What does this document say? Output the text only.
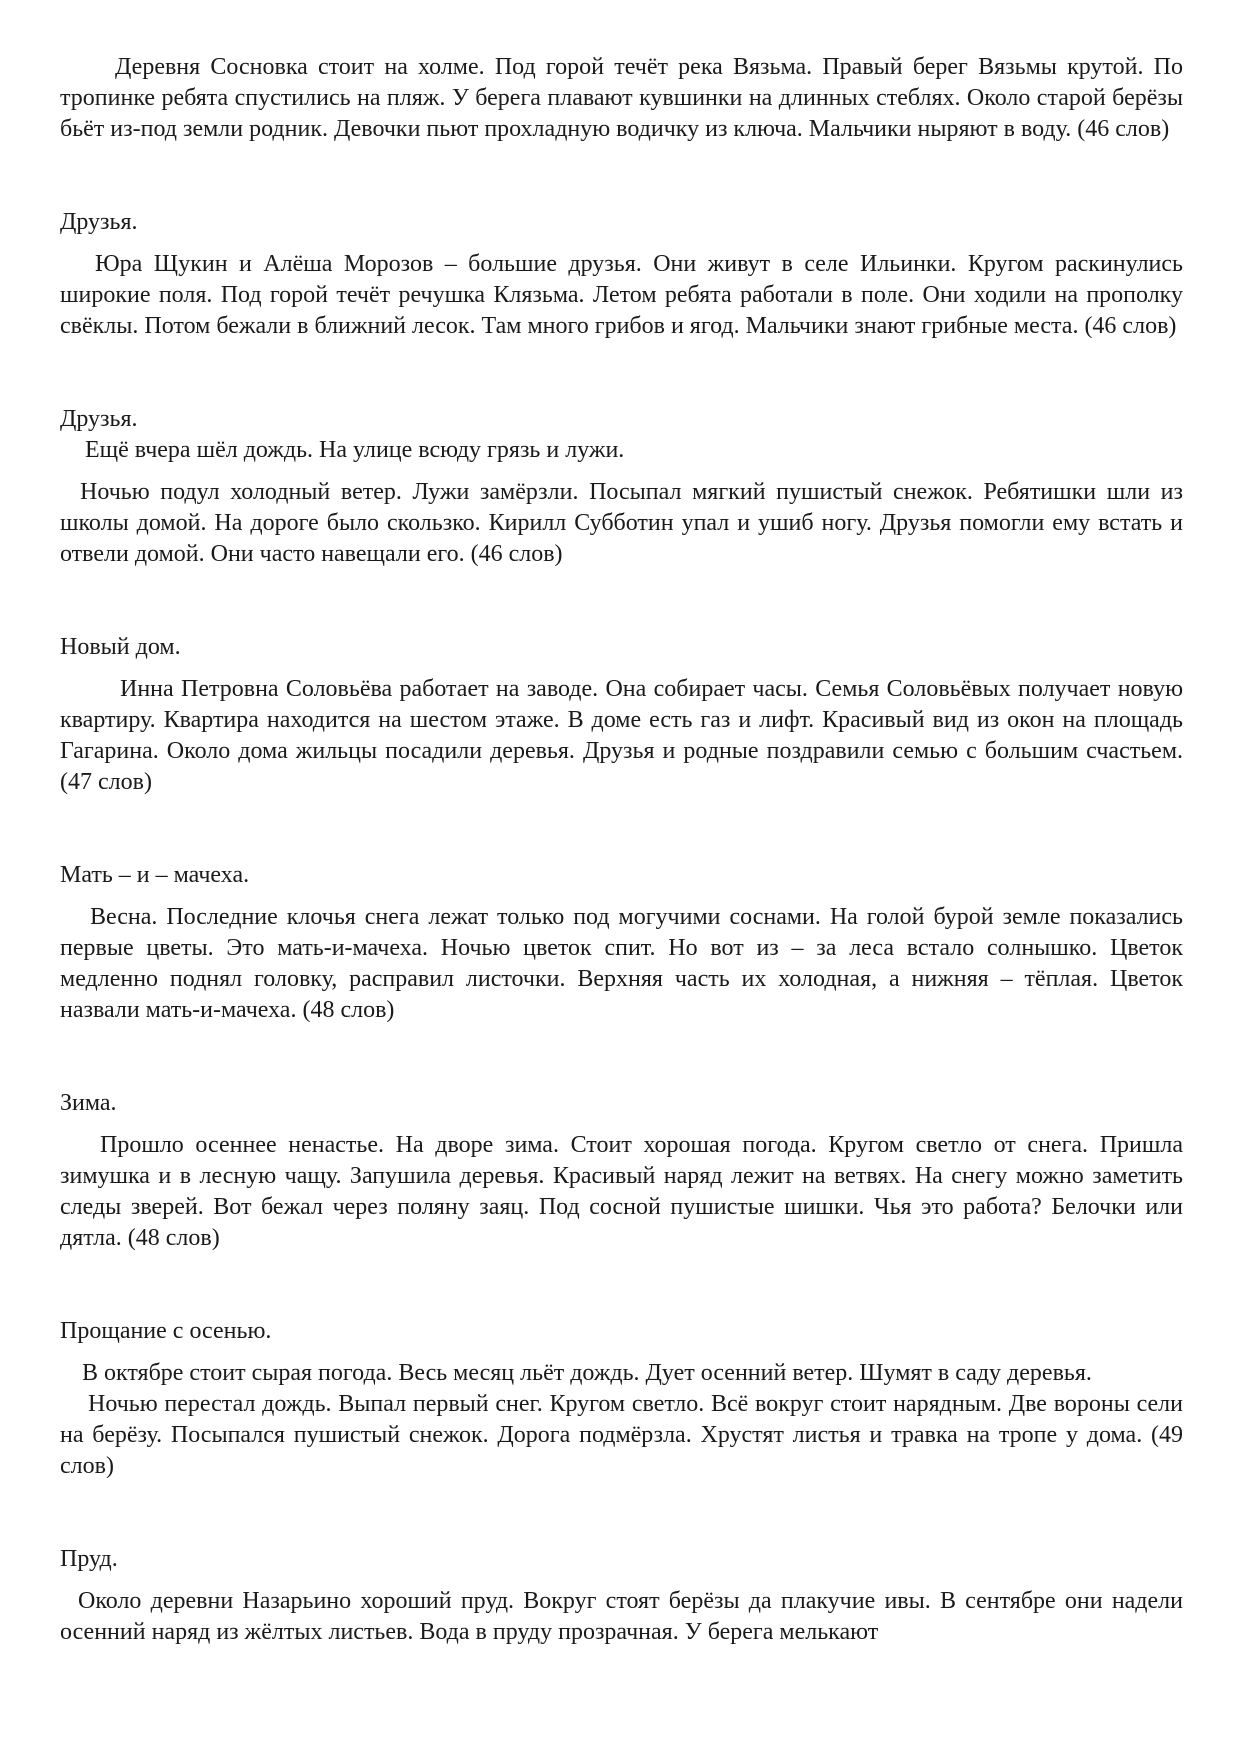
Деревня Сосновка стоит на холме. Под горой течёт река Вязьма. Правый берег Вязьмы крутой. По тропинке ребята спустились на пляж. У берега плавают кувшинки на длинных стеблях. Около старой берёзы бьёт из-под земли родник. Девочки пьют прохладную водичку из ключа. Мальчики ныряют в воду. (46 слов)

Друзья.

Юра Щукин и Алёша Морозов – большие друзья. Они живут в селе Ильинки. Кругом раскинулись широкие поля. Под горой течёт речушка Клязьма. Летом ребята работали в поле. Они ходили на прополку свёклы. Потом бежали в ближний лесок. Там много грибов и ягод. Мальчики знают грибные места. (46 слов)

Друзья.

Ещё вчера шёл дождь. На улице всюду грязь и лужи.

Ночью подул холодный ветер. Лужи замёрзли. Посыпал мягкий пушистый снежок. Ребятишки шли из школы домой. На дороге было скользко. Кирилл Субботин упал и ушиб ногу. Друзья помогли ему встать и отвели домой. Они часто навещали его. (46 слов)

Новый дом.

Инна Петровна Соловьёва работает на заводе. Она собирает часы. Семья Соловьёвых получает новую квартиру. Квартира находится на шестом этаже. В доме есть газ и лифт. Красивый вид из окон на площадь Гагарина. Около дома жильцы посадили деревья. Друзья и родные поздравили семью с большим счастьем. (47 слов)

Мать – и – мачеха.

Весна. Последние клочья снега лежат только под могучими соснами. На голой бурой земле показались первые цветы. Это мать-и-мачеха. Ночью цветок спит. Но вот из – за леса встало солнышко. Цветок медленно поднял головку, расправил листочки. Верхняя часть их холодная, а нижняя – тёплая. Цветок назвали мать-и-мачеха. (48 слов)

Зима.

Прошло осеннее ненастье. На дворе зима. Стоит хорошая погода. Кругом светло от снега. Пришла зимушка и в лесную чащу. Запушила деревья. Красивый наряд лежит на ветвях. На снегу можно заметить следы зверей. Вот бежал через поляну заяц. Под сосной пушистые шишки. Чья это работа? Белочки или дятла. (48 слов)

Прощание с осенью.

В октябре стоит сырая погода. Весь месяц льёт дождь. Дует осенний ветер. Шумят в саду деревья.

Ночью перестал дождь. Выпал первый снег. Кругом светло. Всё вокруг стоит нарядным. Две вороны сели на берёзу. Посыпался пушистый снежок. Дорога подмёрзла. Хрустят листья и травка на тропе у дома. (49 слов)

Пруд.

Около деревни Назарьино хороший пруд. Вокруг стоят берёзы да плакучие ивы. В сентябре они надели осенний наряд из жёлтых листьев. Вода в пруду прозрачная. У берега мелькают
